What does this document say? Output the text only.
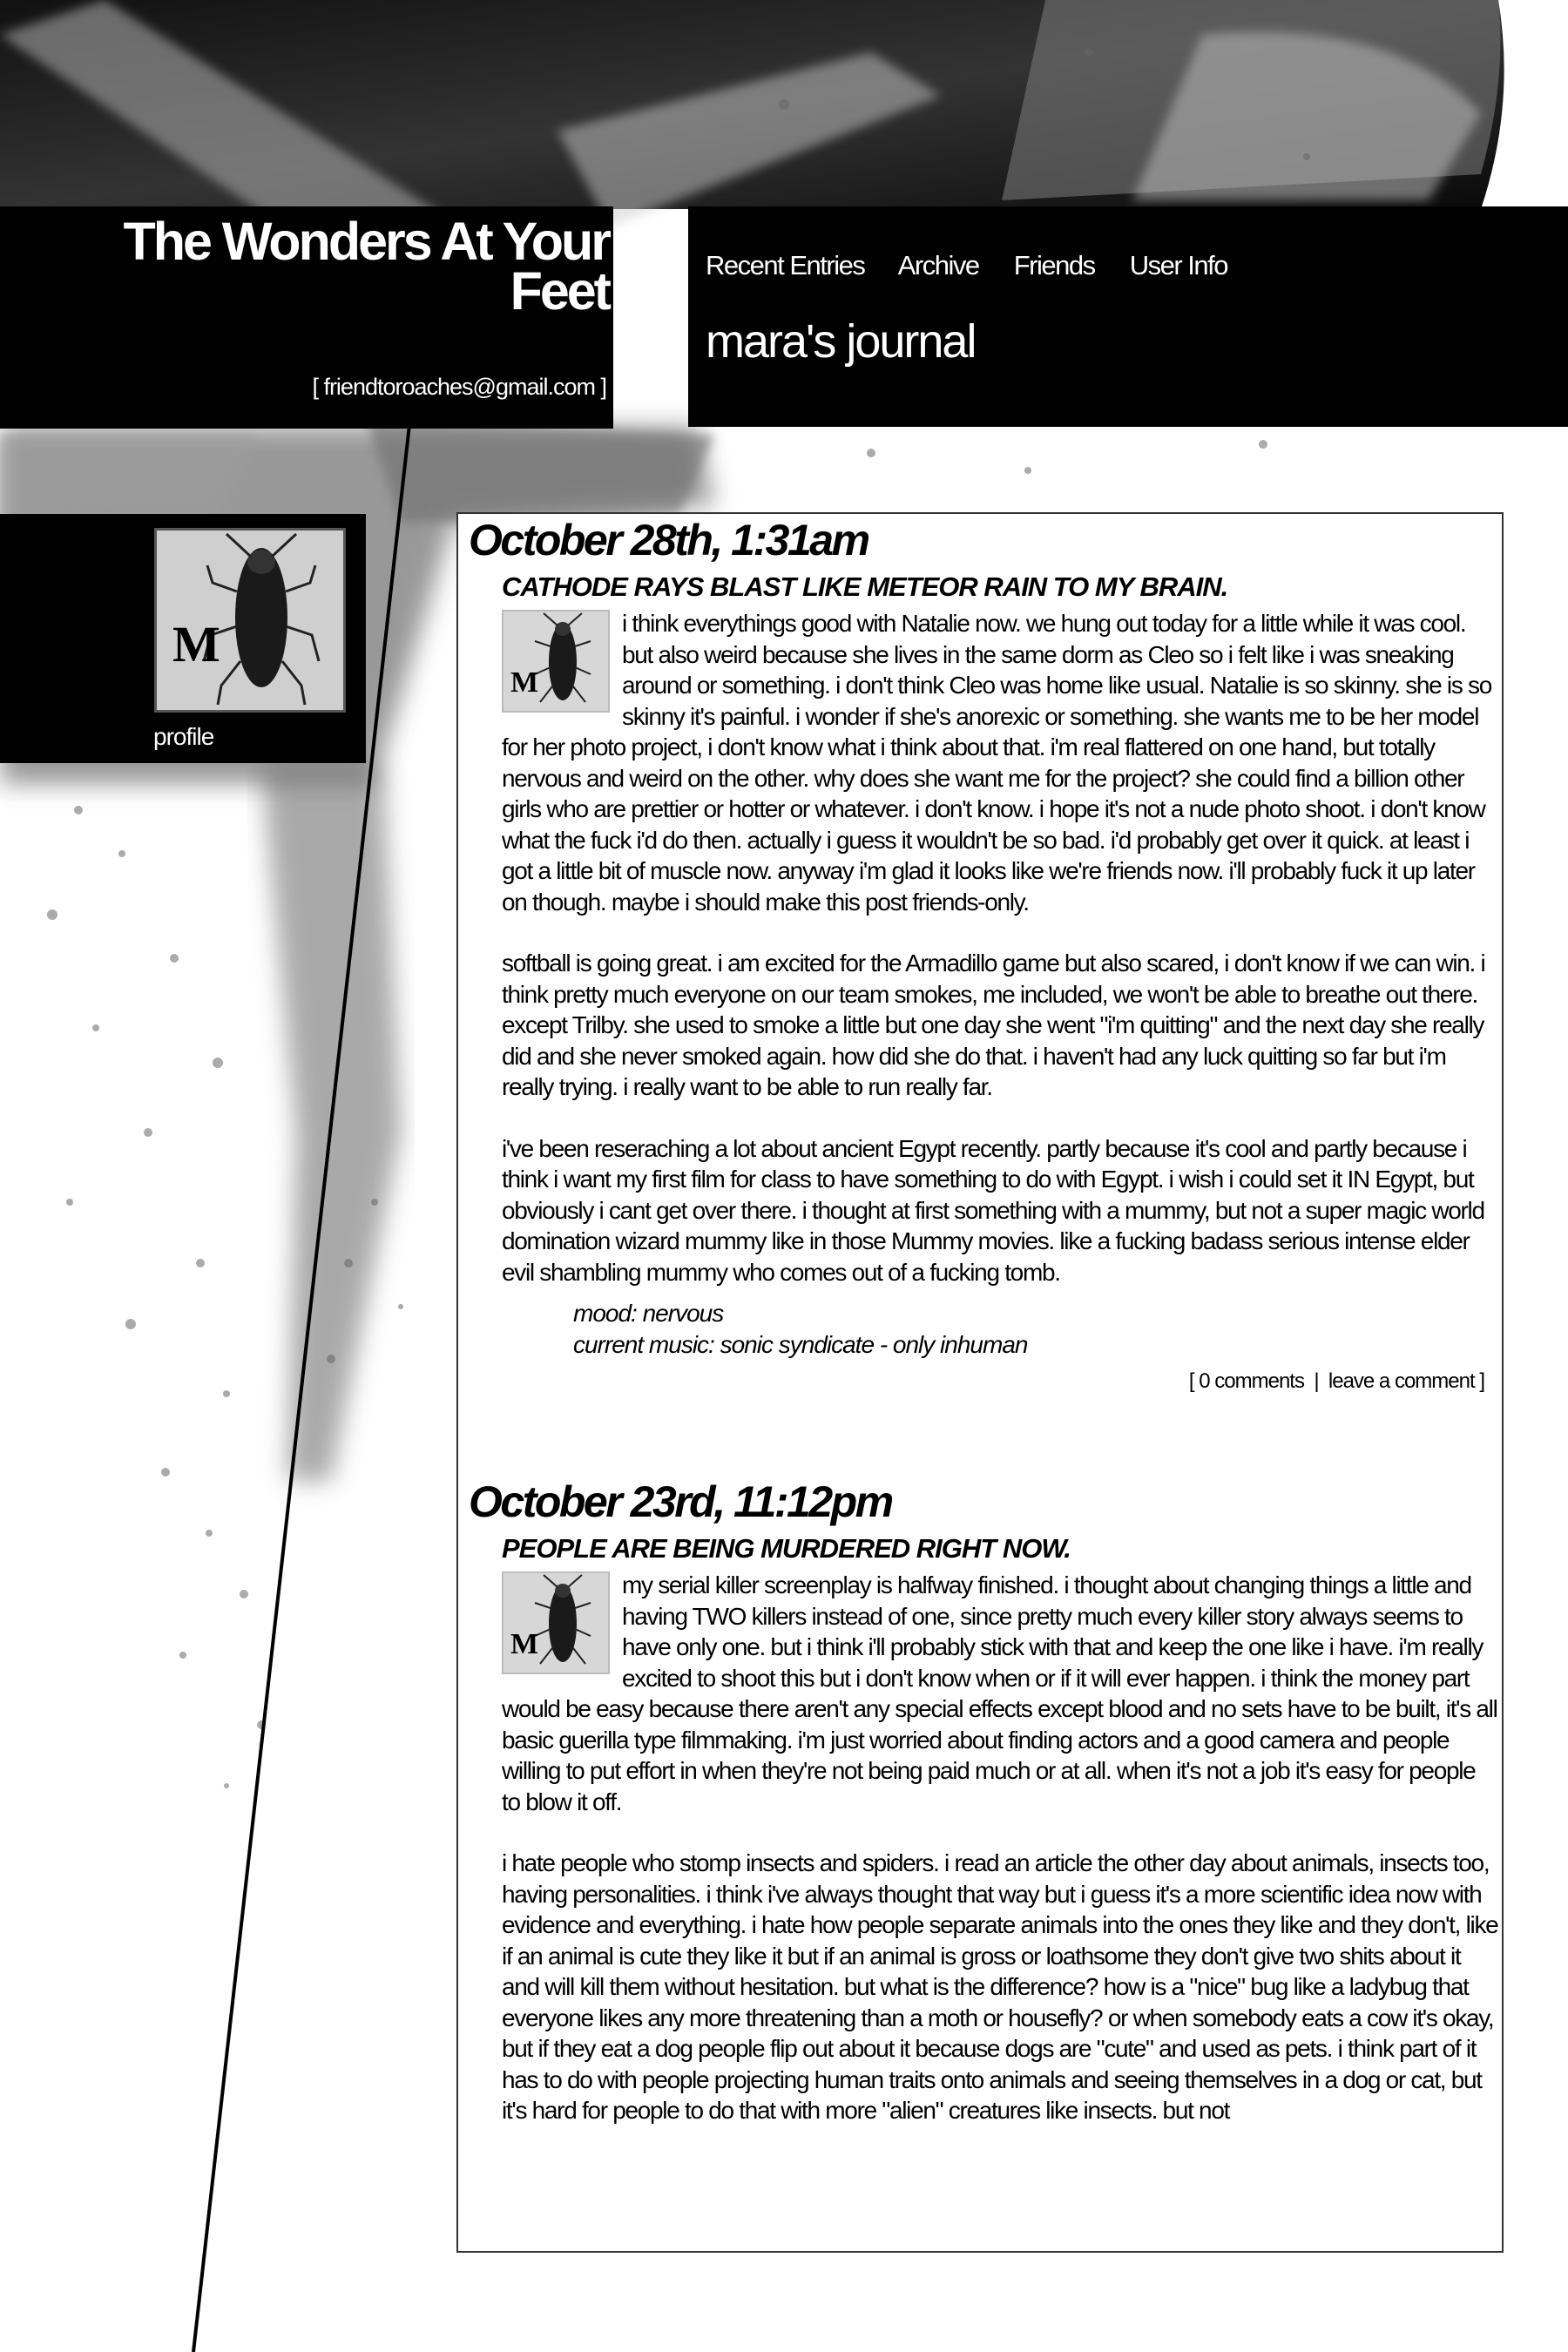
The Wonders At Your Feet
[ friendtoroaches@gmail.com ]
Recent Entries Archive Friends User Info
mara's journal
M
profile
October 28th, 1:31am
CATHODE RAYS BLAST LIKE METEOR RAIN TO MY BRAIN.
M

i think everythings good with Natalie now. we hung out today for a little while it was cool. but also weird because she lives in the same dorm as Cleo so i felt like i was sneaking around or something. i don't think Cleo was home like usual. Natalie is so skinny. she is so skinny it's painful. i wonder if she's anorexic or something. she wants me to be her model for her photo project, i don't know what i think about that. i'm real flattered on one hand, but totally nervous and weird on the other. why does she want me for the project? she could find a billion other girls who are prettier or hotter or whatever. i don't know. i hope it's not a nude photo shoot. i don't know what the fuck i'd do then. actually i guess it wouldn't be so bad. i'd probably get over it quick. at least i got a little bit of muscle now. anyway i'm glad it looks like we're friends now. i'll probably fuck it up later on though. maybe i should make this post friends-only.

softball is going great. i am excited for the Armadillo game but also scared, i don't know if we can win. i think pretty much everyone on our team smokes, me included, we won't be able to breathe out there. except Trilby. she used to smoke a little but one day she went "i'm quitting" and the next day she really did and she never smoked again. how did she do that. i haven't had any luck quitting so far but i'm really trying. i really want to be able to run really far.

i've been reseraching a lot about ancient Egypt recently. partly because it's cool and partly because i think i want my first film for class to have something to do with Egypt. i wish i could set it IN Egypt, but obviously i cant get over there. i thought at first something with a mummy, but not a super magic world domination wizard mummy like in those Mummy movies. like a fucking badass serious intense elder evil shambling mummy who comes out of a fucking tomb.

mood: nervous
current music: sonic syndicate - only inhuman
[ 0 comments  |  leave a comment ]
October 23rd, 11:12pm
PEOPLE ARE BEING MURDERED RIGHT NOW.
M

my serial killer screenplay is halfway finished. i thought about changing things a little and having TWO killers instead of one, since pretty much every killer story always seems to have only one. but i think i'll probably stick with that and keep the one like i have. i'm really excited to shoot this but i don't know when or if it will ever happen. i think the money part would be easy because there aren't any special effects except blood and no sets have to be built, it's all basic guerilla type filmmaking. i'm just worried about finding actors and a good camera and people willing to put effort in when they're not being paid much or at all. when it's not a job it's easy for people to blow it off.

i hate people who stomp insects and spiders. i read an article the other day about animals, insects too, having personalities. i think i've always thought that way but i guess it's a more scientific idea now with evidence and everything. i hate how people separate animals into the ones they like and they don't, like if an animal is cute they like it but if an animal is gross or loathsome they don't give two shits about it and will kill them without hesitation. but what is the difference? how is a "nice" bug like a ladybug that everyone likes any more threatening than a moth or housefly? or when somebody eats a cow it's okay, but if they eat a dog people flip out about it because dogs are "cute" and used as pets. i think part of it has to do with people projecting human traits onto animals and seeing themselves in a dog or cat, but it's hard for people to do that with more "alien" creatures like insects. but not
